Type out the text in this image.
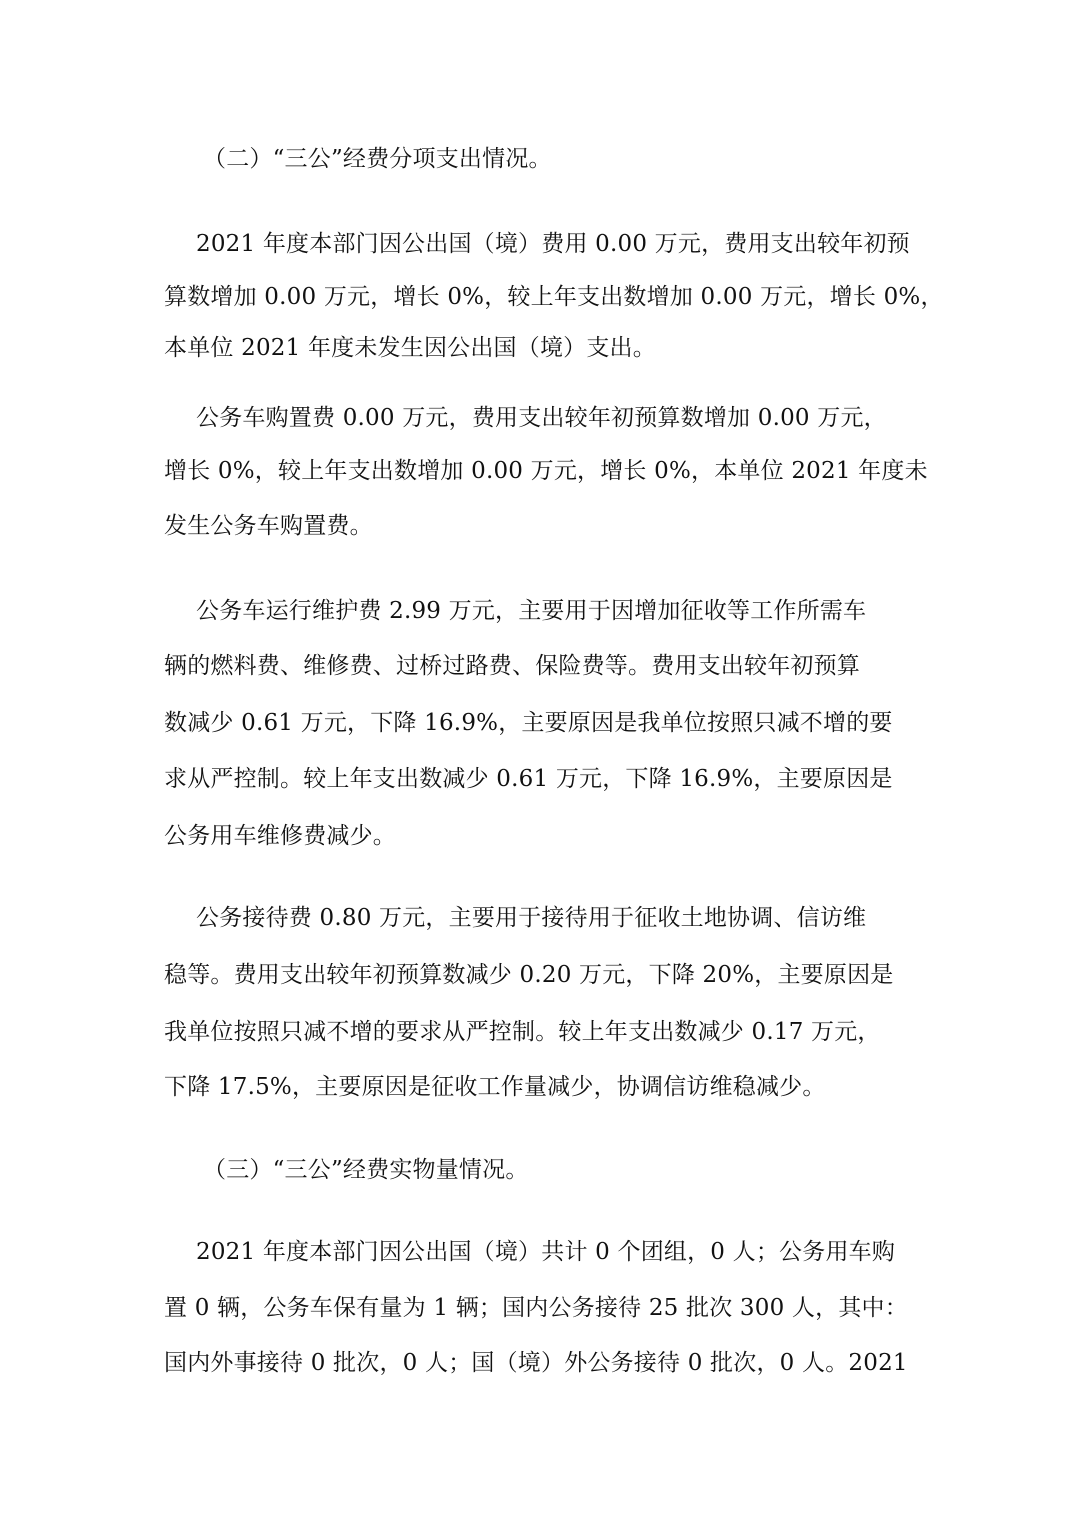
（二）“三公”经费分项支出情况。
2021 年度本部门因公出国（境）费用 0.00 万元，费用支出较年初预
算数增加 0.00 万元，增长 0%，较上年支出数增加 0.00 万元，增长 0%，
本单位 2021 年度未发生因公出国（境）支出。
公务车购置费 0.00 万元，费用支出较年初预算数增加 0.00 万元，
增长 0%，较上年支出数增加 0.00 万元，增长 0%，本单位 2021 年度未
发生公务车购置费。
公务车运行维护费 2.99 万元，主要用于因增加征收等工作所需车
辆的燃料费、维修费、过桥过路费、保险费等。费用支出较年初预算
数减少 0.61 万元，下降 16.9%，主要原因是我单位按照只减不增的要
求从严控制。较上年支出数减少 0.61 万元，下降 16.9%，主要原因是
公务用车维修费减少。
公务接待费 0.80 万元，主要用于接待用于征收土地协调、信访维
稳等。费用支出较年初预算数减少 0.20 万元，下降 20%，主要原因是
我单位按照只减不增的要求从严控制。较上年支出数减少 0.17 万元，
下降 17.5%，主要原因是征收工作量减少，协调信访维稳减少。
（三）“三公”经费实物量情况。
2021 年度本部门因公出国（境）共计 0 个团组，0 人；公务用车购
置 0 辆，公务车保有量为 1 辆；国内公务接待 25 批次 300 人，其中：
国内外事接待 0 批次，0 人；国（境）外公务接待 0 批次，0 人。2021
